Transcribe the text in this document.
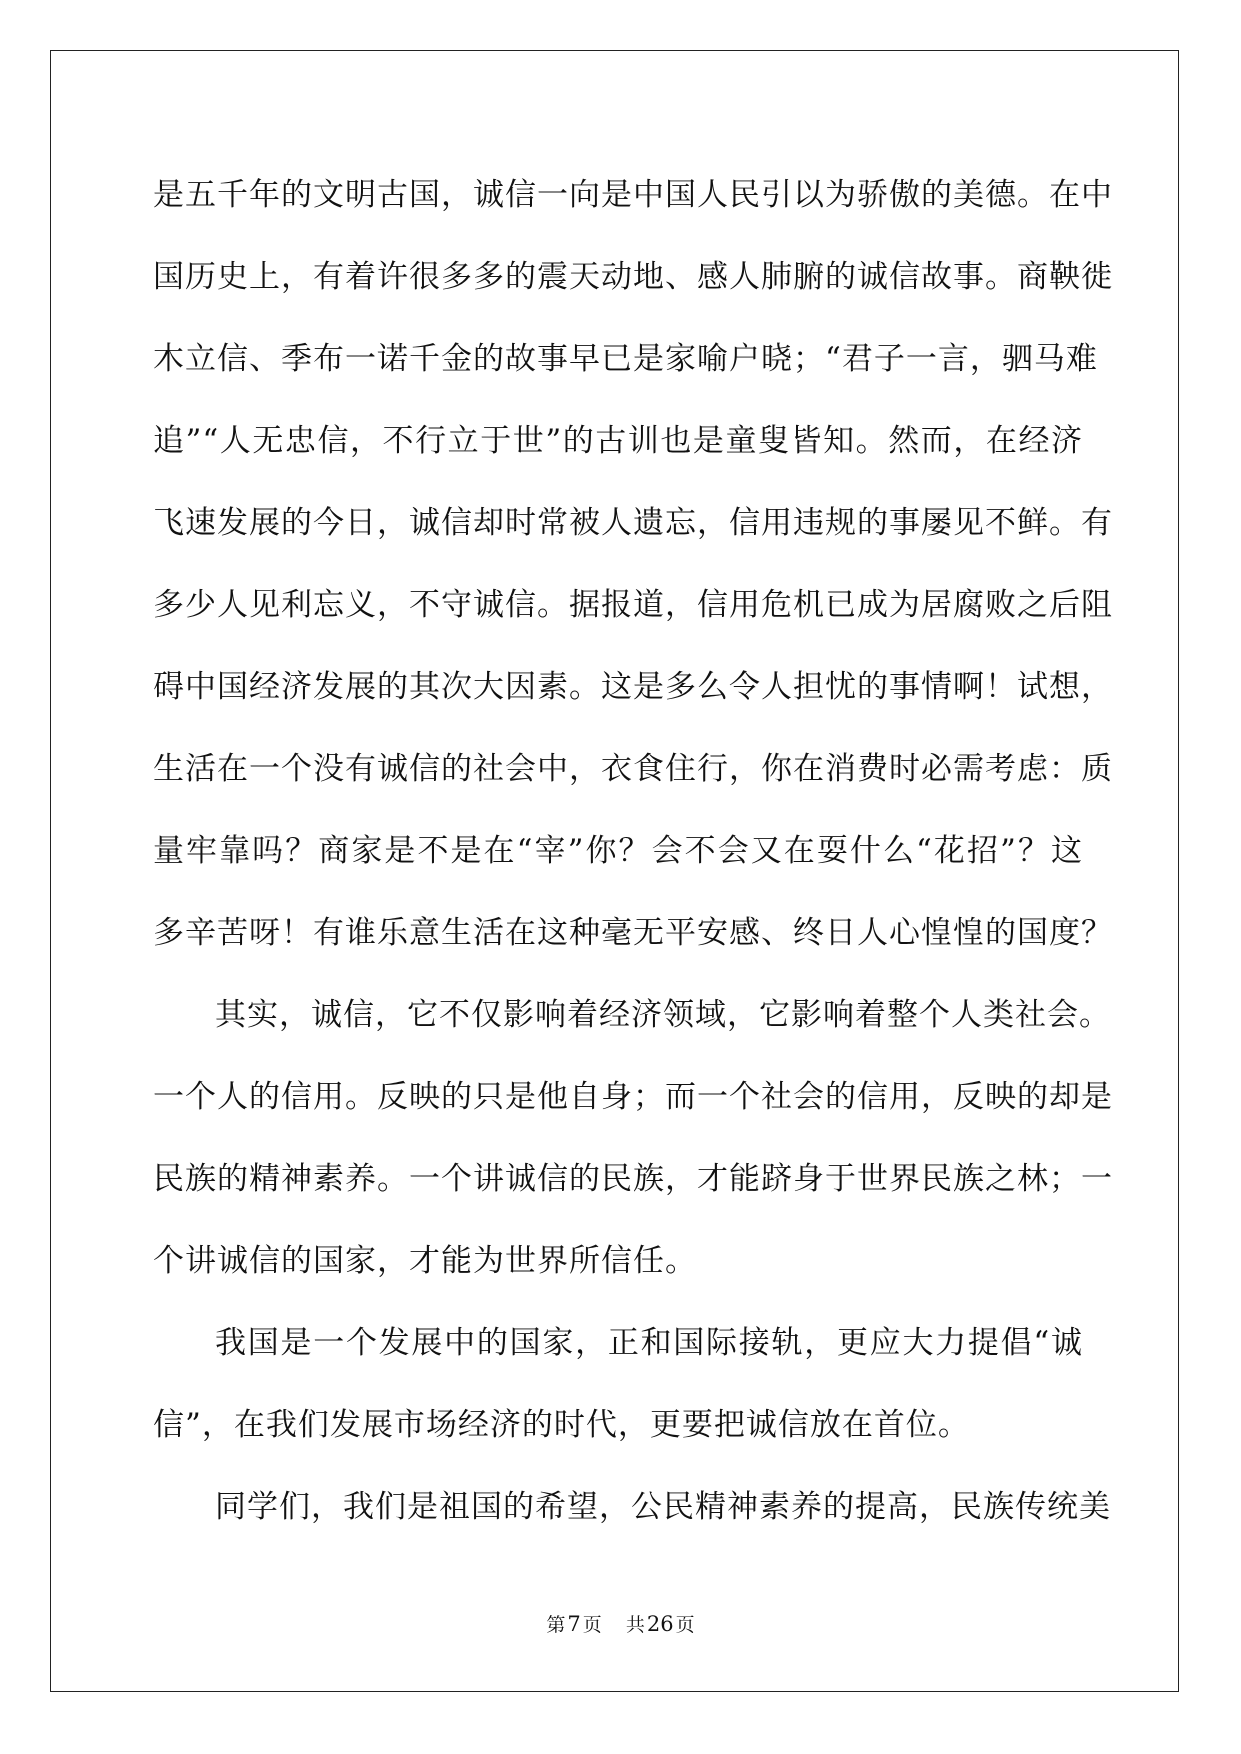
是五千年的文明古国，诚信一向是中国人民引以为骄傲的美德。在中
国历史上，有着许很多多的震天动地、感人肺腑的诚信故事。商鞅徙
木立信、季布一诺千金的故事早已是家喻户晓；“君子一言，驷马难
追”“人无忠信，不行立于世”的古训也是童叟皆知。然而，在经济
飞速发展的今日，诚信却时常被人遗忘，信用违规的事屡见不鲜。有
多少人见利忘义，不守诚信。据报道，信用危机已成为居腐败之后阻
碍中国经济发展的其次大因素。这是多么令人担忧的事情啊！试想，
生活在一个没有诚信的社会中，衣食住行，你在消费时必需考虑：质
量牢靠吗？商家是不是在“宰”你？会不会又在耍什么“花招”？这
多辛苦呀！有谁乐意生活在这种毫无平安感、终日人心惶惶的国度？
其实，诚信，它不仅影响着经济领域，它影响着整个人类社会。
一个人的信用。反映的只是他自身；而一个社会的信用，反映的却是
民族的精神素养。一个讲诚信的民族，才能跻身于世界民族之林；一
个讲诚信的国家，才能为世界所信任。
我国是一个发展中的国家，正和国际接轨，更应大力提倡“诚
信”，在我们发展市场经济的时代，更要把诚信放在首位。
同学们，我们是祖国的希望，公民精神素养的提高，民族传统美
第7 页 共26 页
